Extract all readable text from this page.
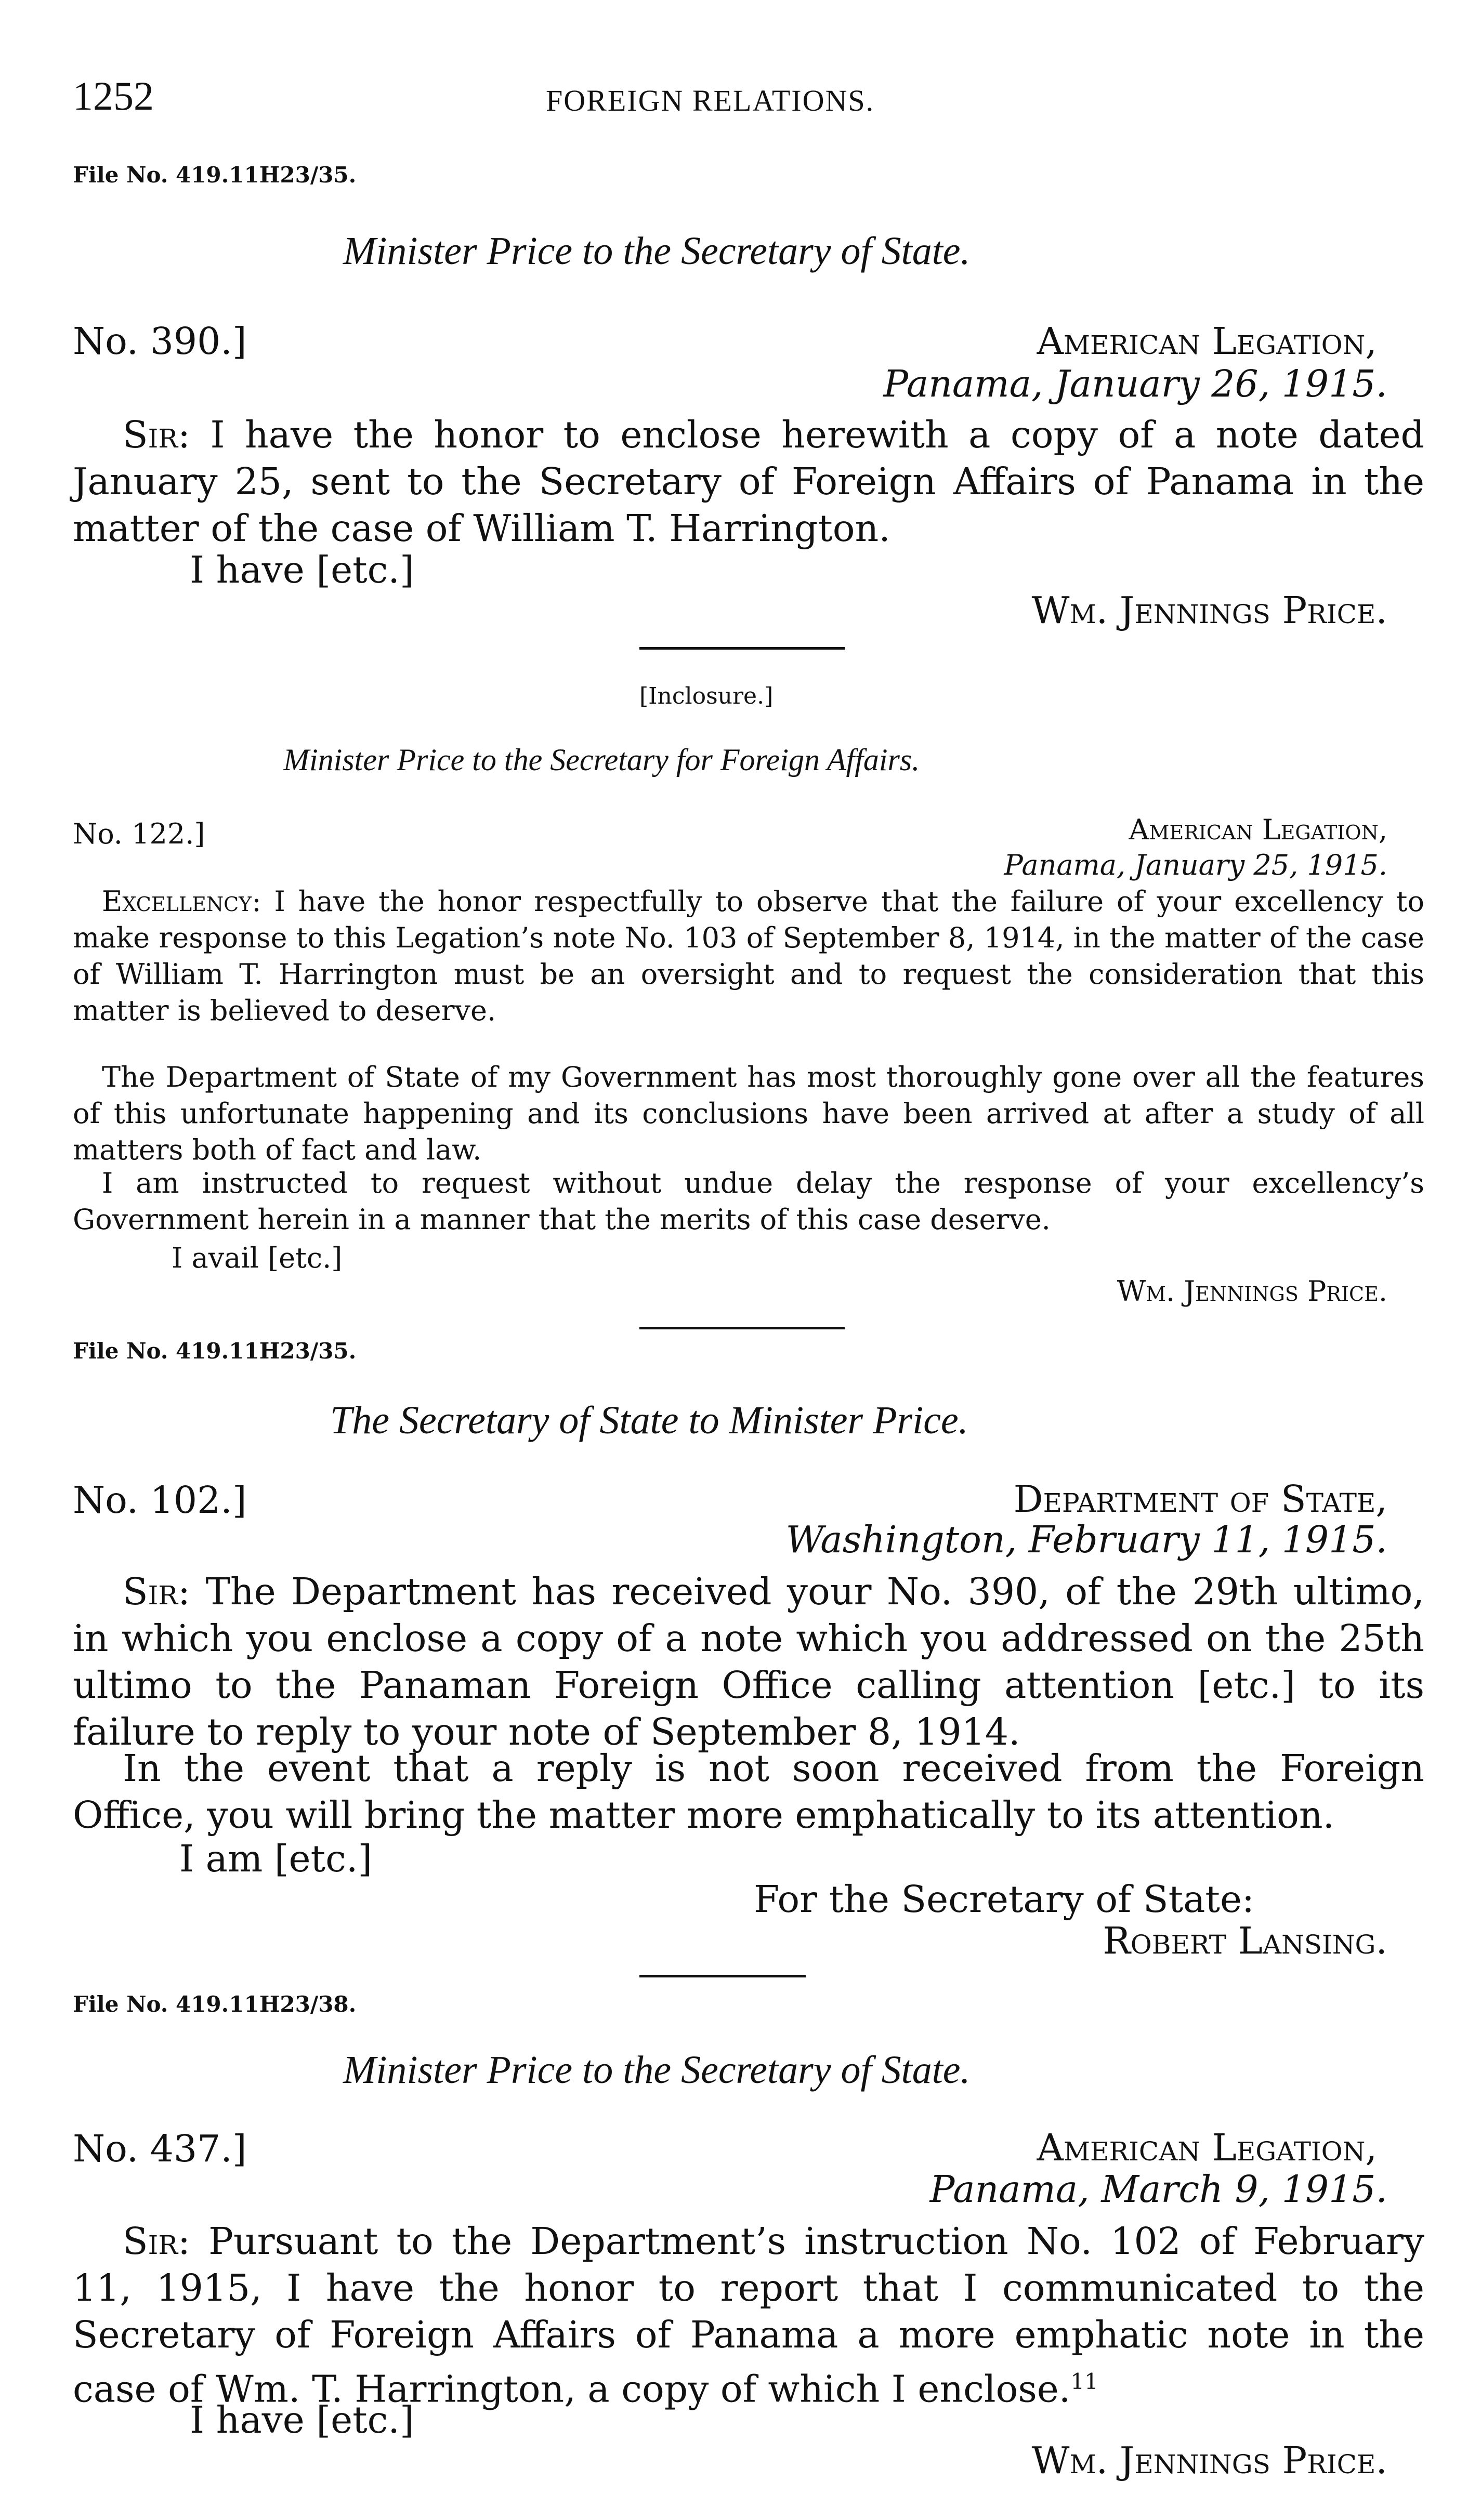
1252	FOREIGN RELATIONS.
File No. 419.11H23/35.
Minister Price to the Secretary of State.
No. 390.]	American Legation,
Panama, January 26, 1915.
Sir: I have the honor to enclose herewith a copy of a note dated January 25, sent to the Secretary of Foreign Affairs of Panama in the matter of the case of William T. Harrington.
I have [etc.]
Wm. Jennings Price.
[Inclosure.]
Minister Price to the Secretary for Foreign Affairs.
No. 122.]	American Legation,
Panama, January 25, 1915.
Excellency: I have the honor respectfully to observe that the failure of your excellency to make response to this Legation’s note No. 103 of September 8, 1914, in the matter of the case of William T. Harrington must be an oversight and to request the consideration that this matter is believed to deserve.
The Department of State of my Government has most thoroughly gone over all the features of this unfortunate happening and its conclusions have been arrived at after a study of all matters both of fact and law.
I am instructed to request without undue delay the response of your excellency’s Government herein in a manner that the merits of this case deserve.
I avail [etc.]
Wm. Jennings Price.
File No. 419.11H23/35.
The Secretary of State to Minister Price.
No. 102.]	Department of State,
Washington, February 11, 1915.
Sir: The Department has received your No. 390, of the 29th ultimo, in which you enclose a copy of a note which you addressed on the 25th ultimo to the Panaman Foreign Office calling attention [etc.] to its failure to reply to your note of September 8, 1914.
In the event that a reply is not soon received from the Foreign Office, you will bring the matter more emphatically to its attention.
I am [etc.]
For the Secretary of State:
Robert Lansing.
File No. 419.11H23/38.
Minister Price to the Secretary of State.
No. 437.]	American Legation,
Panama, March 9, 1915.
Sir: Pursuant to the Department’s instruction No. 102 of February 11, 1915, I have the honor to report that I communicated to the Secretary of Foreign Affairs of Panama a more emphatic note in the case of Wm. T. Harrington, a copy of which I enclose.$^{11}$
I have [etc.]
Wm. Jennings Price.
